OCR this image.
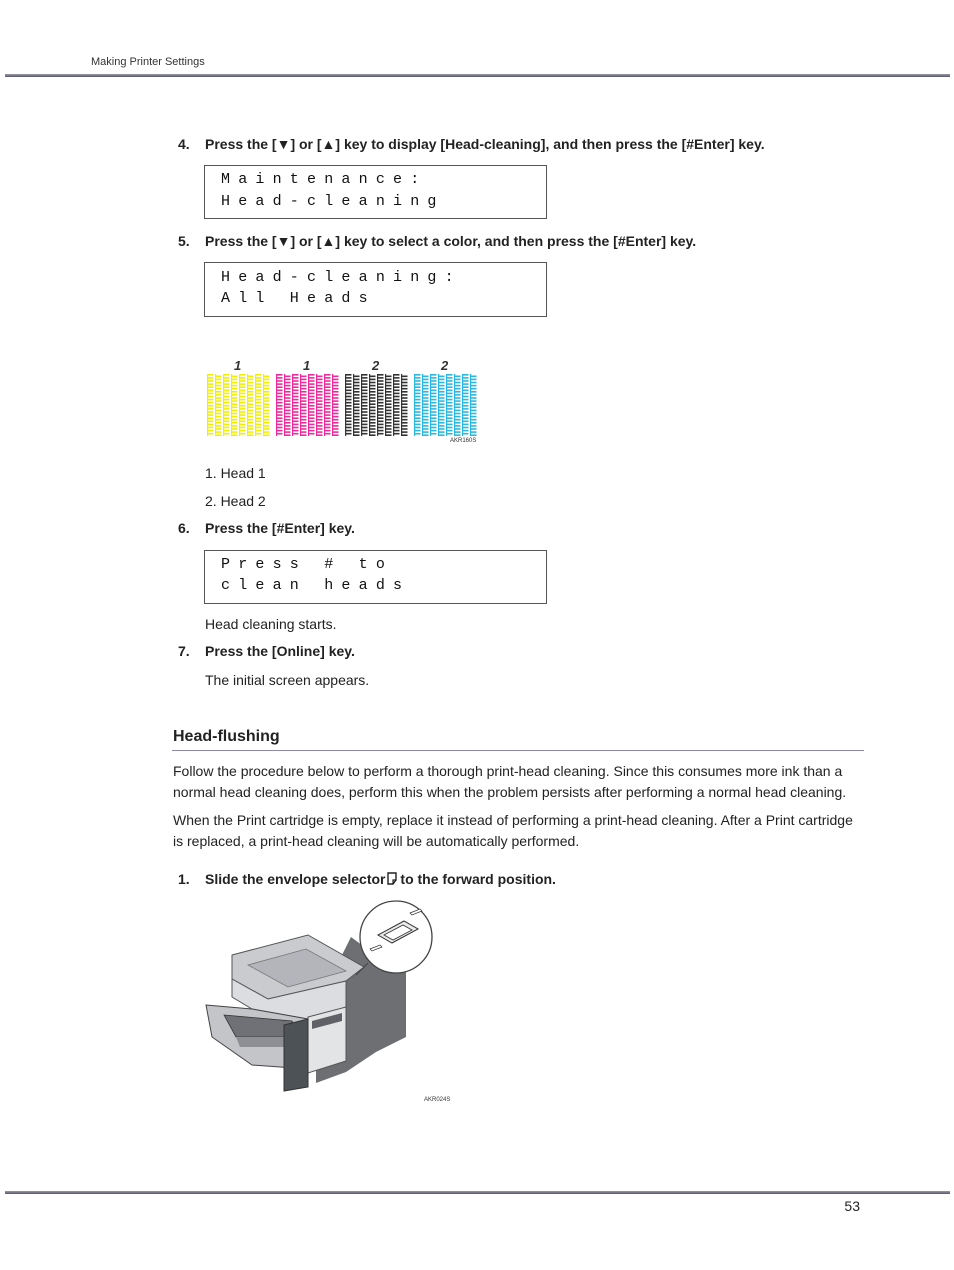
Making Printer Settings
4. Press the [▼] or [▲] key to display [Head-cleaning], and then press the [#Enter] key.
Maintenance:
Head-cleaning
5. Press the [▼] or [▲] key to select a color, and then press the [#Enter] key.
Head-cleaning:
All Heads
1	1	2	2
AKR160S
1. Head 1
2. Head 2
6. Press the [#Enter] key.
Press # to
clean heads
Head cleaning starts.
7. Press the [Online] key.
The initial screen appears.
Head-flushing
Follow the procedure below to perform a thorough print-head cleaning. Since this consumes more ink than a normal head cleaning does, perform this when the problem persists after performing a normal head cleaning.
When the Print cartridge is empty, replace it instead of performing a print-head cleaning. After a Print cartridge is replaced, a print-head cleaning will be automatically performed.
1. Slide the envelope selector to the forward position.
AKR024S
53
